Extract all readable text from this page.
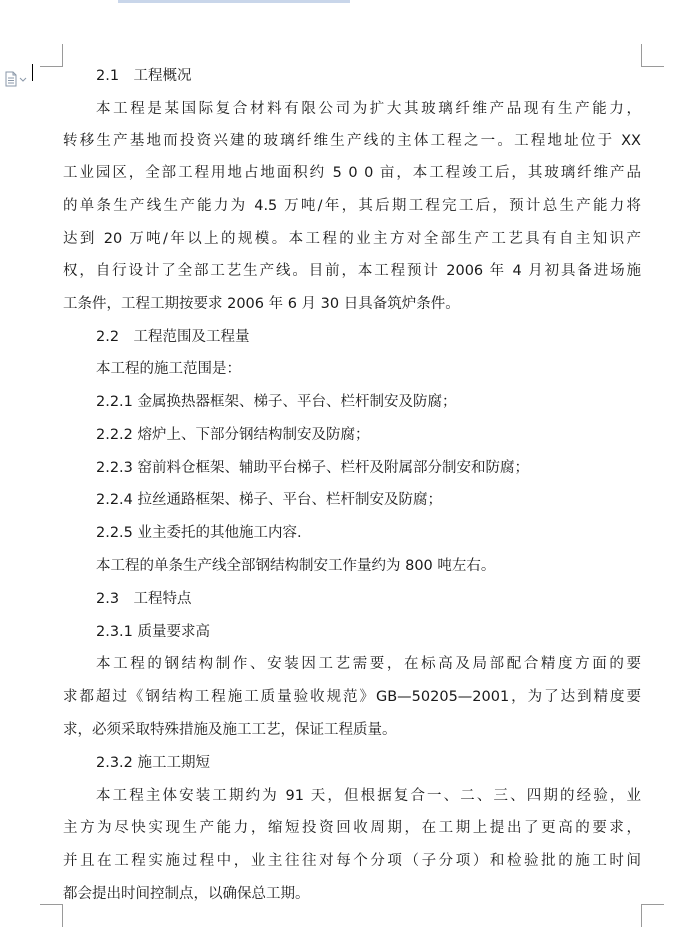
2.1　工程概况
本工程是某国际复合材料有限公司为扩大其玻璃纤维产品现有生产能力，
转移生产基地而投资兴建的玻璃纤维生产线的主体工程之一。工程地址位于 XX
工业园区，全部工程用地占地面积约 5 0 0 亩，本工程竣工后，其玻璃纤维产品
的单条生产线生产能力为 4.5 万吨/年，其后期工程完工后，预计总生产能力将
达到 20 万吨/年以上的规模。本工程的业主方对全部生产工艺具有自主知识产
权，自行设计了全部工艺生产线。目前，本工程预计 2006 年 4 月初具备进场施
工条件，工程工期按要求 2006 年 6 月 30 日具备筑炉条件。
2.2　工程范围及工程量
本工程的施工范围是：
2.2.1 金属换热器框架、梯子、平台、栏杆制安及防腐；
2.2.2 熔炉上、下部分钢结构制安及防腐；
2.2.3 窑前料仓框架、辅助平台梯子、栏杆及附属部分制安和防腐；
2.2.4 拉丝通路框架、梯子、平台、栏杆制安及防腐；
2.2.5 业主委托的其他施工内容.
本工程的单条生产线全部钢结构制安工作量约为 800 吨左右。
2.3　工程特点
2.3.1 质量要求高
本工程的钢结构制作、安装因工艺需要，在标高及局部配合精度方面的要
求都超过《钢结构工程施工质量验收规范》GB—50205—2001，为了达到精度要
求，必须采取特殊措施及施工工艺，保证工程质量。
2.3.2 施工工期短
本工程主体安装工期约为 91 天，但根据复合一、二、三、四期的经验，业
主方为尽快实现生产能力，缩短投资回收周期，在工期上提出了更高的要求，
并且在工程实施过程中，业主往往对每个分项（子分项）和检验批的施工时间
都会提出时间控制点，以确保总工期。
